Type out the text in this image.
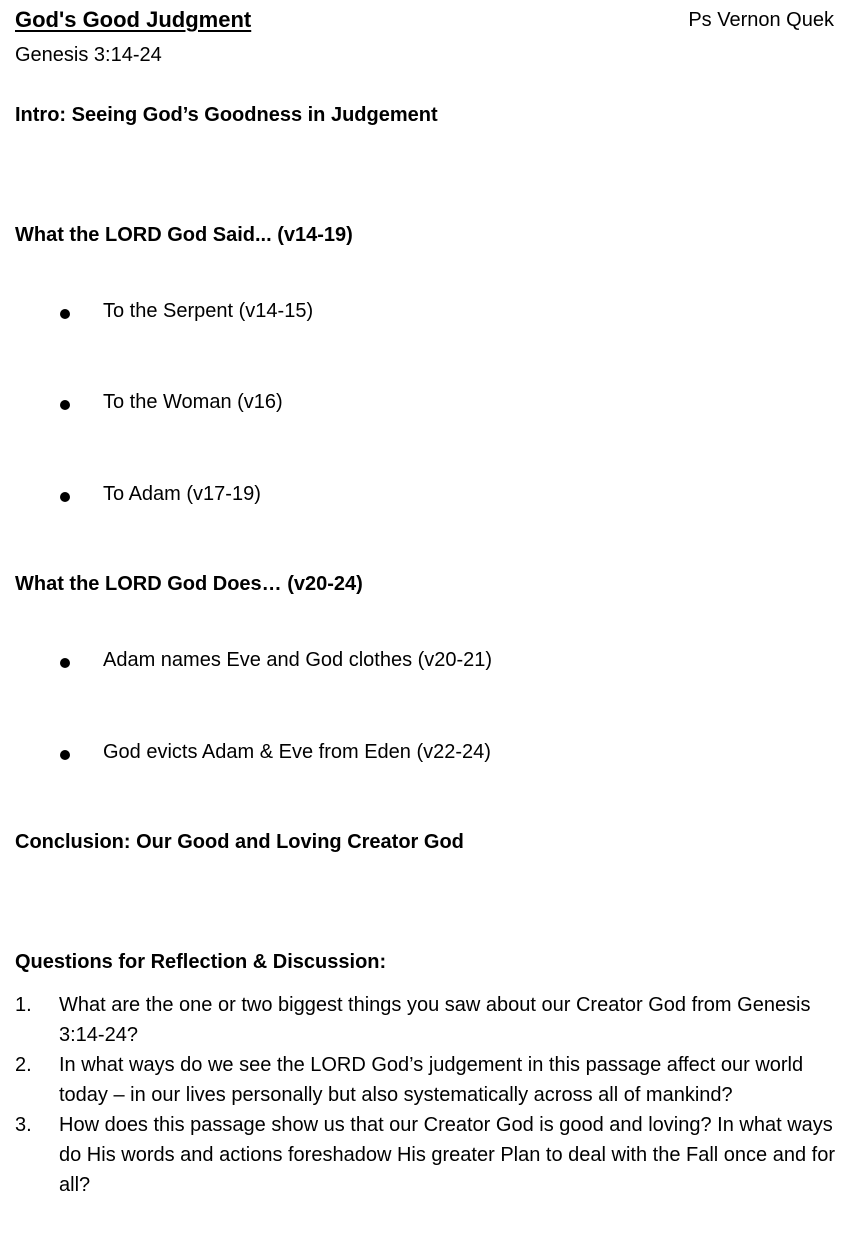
God's Good Judgment	Ps Vernon Quek
Genesis 3:14-24
Intro: Seeing God’s Goodness in Judgement
What the LORD God Said... (v14-19)
To the Serpent (v14-15)
To the Woman (v16)
To Adam (v17-19)
What the LORD God Does… (v20-24)
Adam names Eve and God clothes (v20-21)
God evicts Adam & Eve from Eden (v22-24)
Conclusion: Our Good and Loving Creator God
Questions for Reflection & Discussion:
1. What are the one or two biggest things you saw about our Creator God from Genesis 3:14-24?
2. In what ways do we see the LORD God’s judgement in this passage affect our world today – in our lives personally but also systematically across all of mankind?
3. How does this passage show us that our Creator God is good and loving? In what ways do His words and actions foreshadow His greater Plan to deal with the Fall once and for all?
